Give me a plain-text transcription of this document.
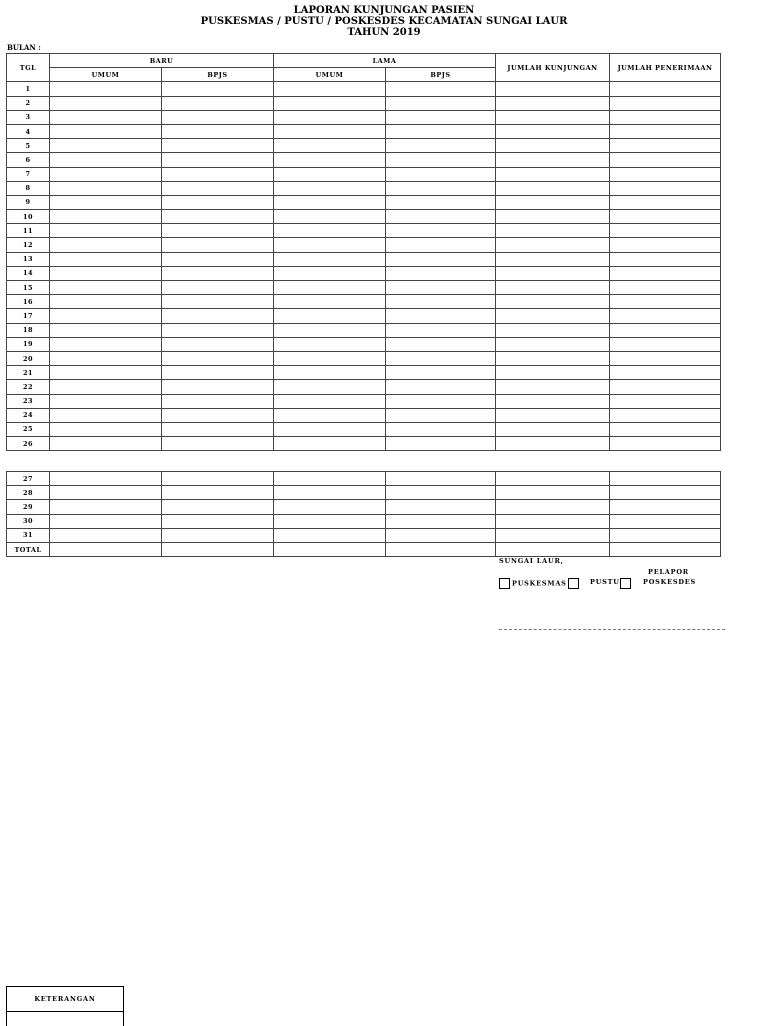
LAPORAN KUNJUNGAN PASIEN
PUSKESMAS / PUSTU / POSKESDES KECAMATAN SUNGAI LAUR
TAHUN 2019
BULAN :
TGL	BARU		LAMA		JUMLAH KUNJUNGAN	JUMLAH PENERIMAAN
	UMUM	BPJS	UMUM	BPJS		
1						
2						
3						
4						
5						
6						
7						
8						
9						
10						
11						
12						
13						
14						
15						
16						
17						
18						
19						
20						
21						
22						
23						
24						
25						
26						
27						
28						
29						
30						
31						
TOTAL						
SUNGAI LAUR,
PELAPOR
PUSKESMAS	PUSTU	POSKESDES
KETERANGAN
